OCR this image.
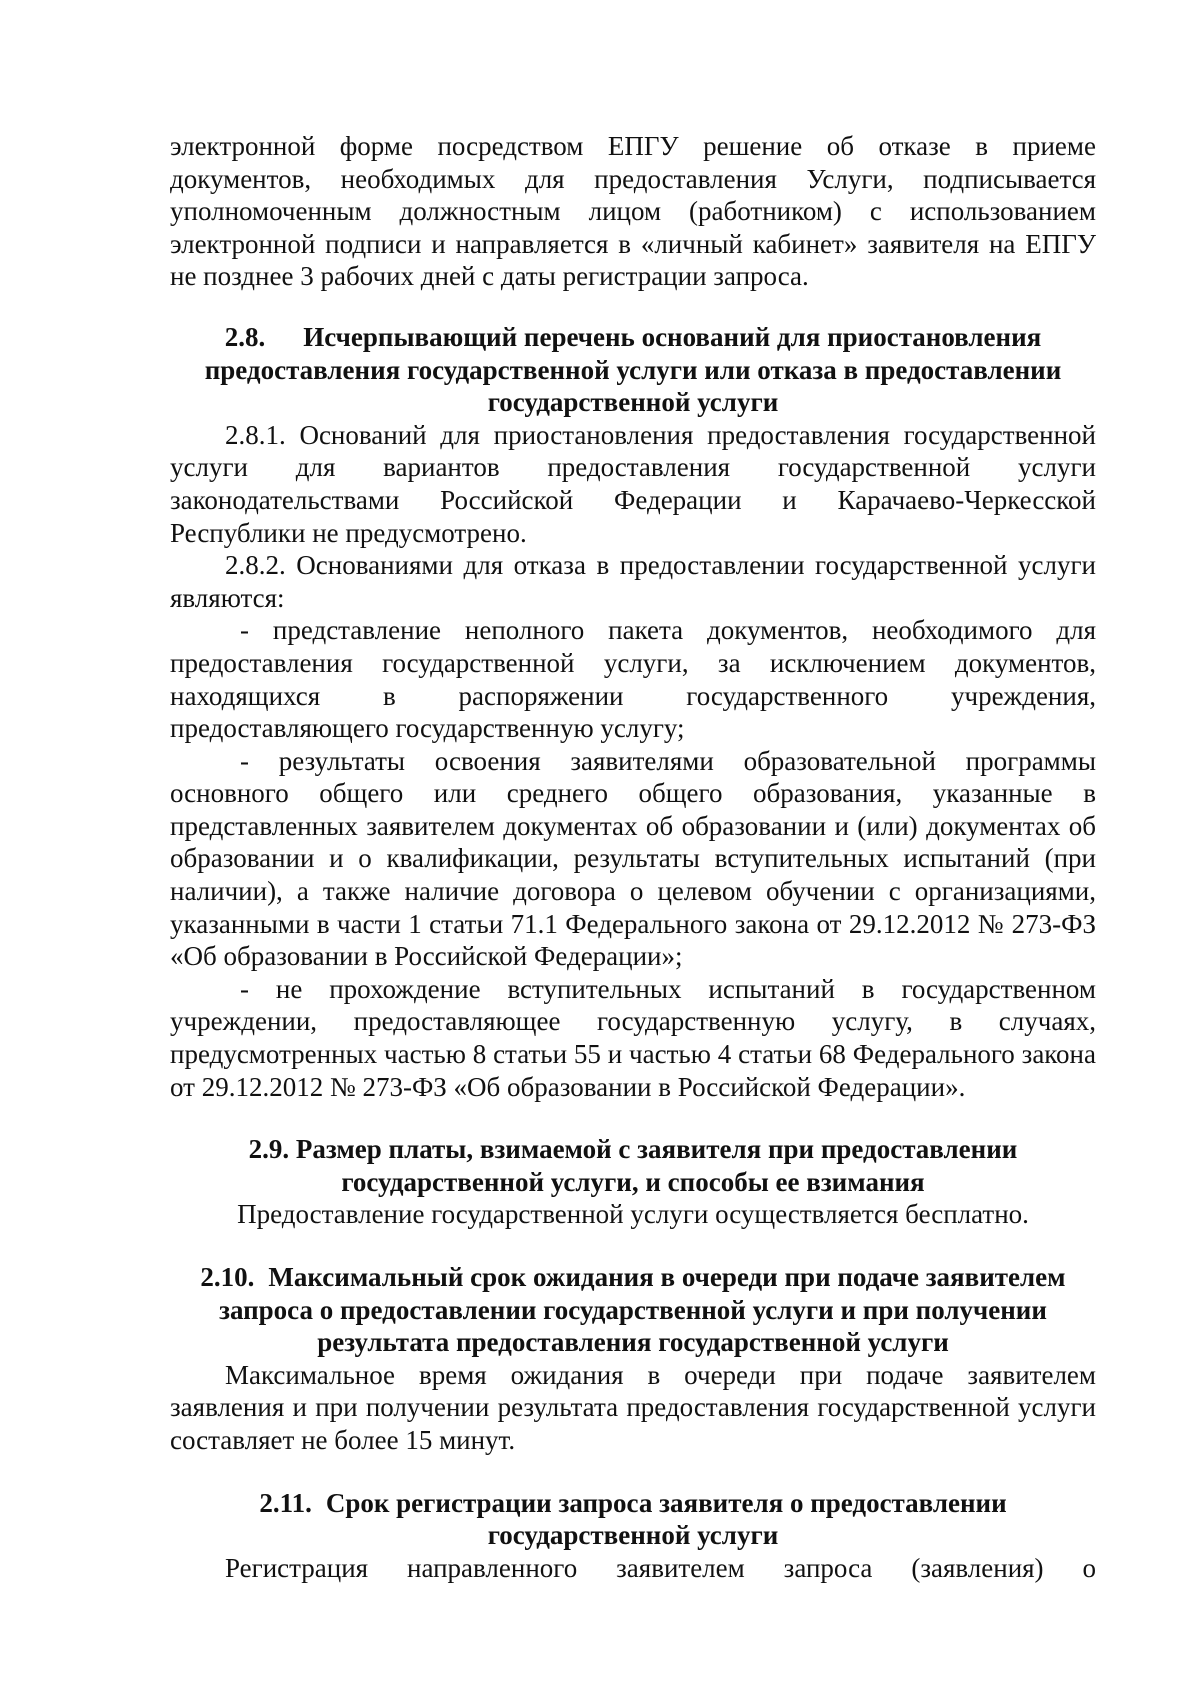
электронной форме посредством ЕПГУ решение об отказе в приеме документов, необходимых для предоставления Услуги, подписывается уполномоченным должностным лицом (работником) с использованием электронной подписи и направляется в «личный кабинет» заявителя на ЕПГУ не позднее 3 рабочих дней с даты регистрации запроса.

2.8. Исчерпывающий перечень оснований для приостановления предоставления государственной услуги или отказа в предоставлении государственной услуги

2.8.1. Оснований для приостановления предоставления государственной услуги для вариантов предоставления государственной услуги законодательствами Российской Федерации и Карачаево-Черкесской Республики не предусмотрено.

2.8.2. Основаниями для отказа в предоставлении государственной услуги являются:

- представление неполного пакета документов, необходимого для предоставления государственной услуги, за исключением документов, находящихся в распоряжении государственного учреждения, предоставляющего государственную услугу;

- результаты освоения заявителями образовательной программы основного общего или среднего общего образования, указанные в представленных заявителем документах об образовании и (или) документах об образовании и о квалификации, результаты вступительных испытаний (при наличии), а также наличие договора о целевом обучении с организациями, указанными в части 1 статьи 71.1 Федерального закона от 29.12.2012 № 273-ФЗ «Об образовании в Российской Федерации»;

- не прохождение вступительных испытаний в государственном учреждении, предоставляющее государственную услугу, в случаях, предусмотренных частью 8 статьи 55 и частью 4 статьи 68 Федерального закона от 29.12.2012 № 273-ФЗ «Об образовании в Российской Федерации».

2.9. Размер платы, взимаемой с заявителя при предоставлении государственной услуги, и способы ее взимания

Предоставление государственной услуги осуществляется бесплатно.

2.10. Максимальный срок ожидания в очереди при подаче заявителем запроса о предоставлении государственной услуги и при получении результата предоставления государственной услуги

Максимальное время ожидания в очереди при подаче заявителем заявления и при получении результата предоставления государственной услуги составляет не более 15 минут.

2.11. Срок регистрации запроса заявителя о предоставлении государственной услуги

Регистрация направленного заявителем запроса (заявления) о
